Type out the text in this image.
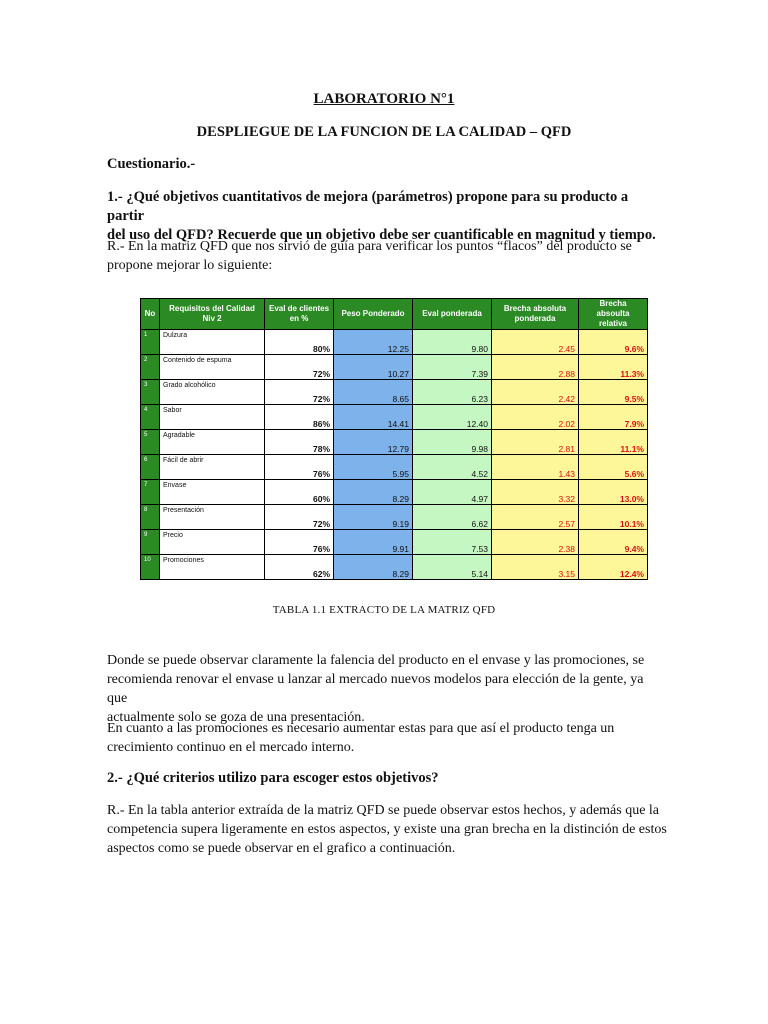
LABORATORIO N°1
DESPLIEGUE DE LA FUNCION DE LA CALIDAD – QFD
Cuestionario.-
1.- ¿Qué objetivos cuantitativos de mejora (parámetros) propone para su producto a partir
del uso del QFD? Recuerde que un objetivo debe ser cuantificable en magnitud y tiempo.
R.- En la matriz QFD que nos sirvió de guía para verificar los puntos “flacos” del producto se
propone mejorar lo siguiente:
No	Requisitos del Calidad Niv 2	Eval de clientes en %	Peso Ponderado	Eval ponderada	Brecha absoluta ponderada	Brecha absoulta relativa
1	Dulzura	80%	12.25	9.80	2.45	9.6%
2	Contenido de espuma	72%	10.27	7.39	2.88	11.3%
3	Grado alcohólico	72%	8.65	6.23	2.42	9.5%
4	Sabor	86%	14.41	12.40	2.02	7.9%
5	Agradable	78%	12.79	9.98	2.81	11.1%
6	Fácil de abrir	76%	5.95	4.52	1.43	5.6%
7	Envase	60%	8.29	4.97	3.32	13.0%
8	Presentación	72%	9.19	6.62	2.57	10.1%
9	Precio	76%	9.91	7.53	2.38	9.4%
10	Promociones	62%	8.29	5.14	3.15	12.4%
TABLA 1.1 EXTRACTO DE LA MATRIZ QFD
Donde se puede observar claramente la falencia del producto en el envase y las promociones, se
recomienda renovar el envase u lanzar al mercado nuevos modelos para elección de la gente, ya que
actualmente solo se goza de una presentación.
En cuanto a las promociones es necesario aumentar estas para que así el producto tenga un
crecimiento continuo en el mercado interno.
2.- ¿Qué criterios utilizo para escoger estos objetivos?
R.- En la tabla anterior extraída de la matriz QFD se puede observar estos hechos, y además que la
competencia supera ligeramente en estos aspectos, y existe una gran brecha en la distinción de estos
aspectos como se puede observar en el grafico a continuación.
